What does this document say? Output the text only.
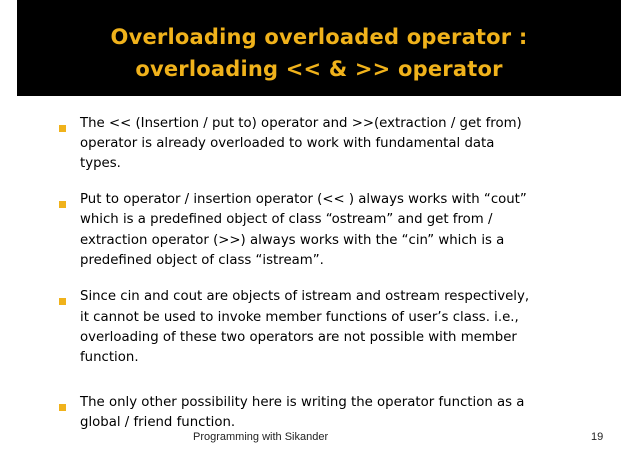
Overloading overloaded operator :
overloading << & >> operator
The << (Insertion / put to) operator and >>(extraction / get from)
operator is already overloaded to work with fundamental data
types.
Put to operator / insertion operator (<< ) always works with “cout”
which is a predefined object of class “ostream” and get from /
extraction operator (>>) always works with the “cin” which is a
predefined object of class “istream”.
Since cin and cout are objects of istream and ostream respectively,
it cannot be used to invoke member functions of user’s class. i.e.,
overloading of these two operators are not possible with member
function.
The only other possibility here is writing the operator function as a
global / friend function.
Programming with Sikander	19
